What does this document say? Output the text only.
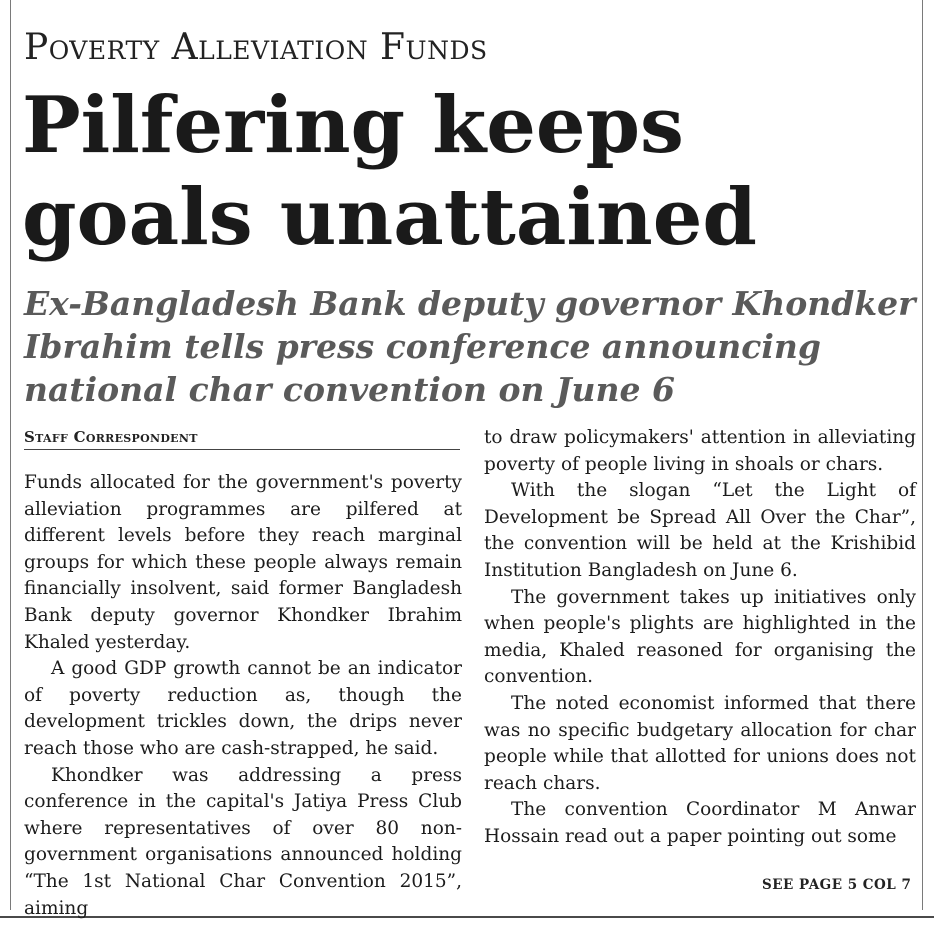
Poverty Alleviation Funds
Pilfering keeps goals unattained
Ex-Bangladesh Bank deputy governor Khondker Ibrahim tells press conference announcing national char convention on June 6
Staff Correspondent

Funds allocated for the government's poverty alleviation programmes are pilfered at different levels before they reach marginal groups for which these people always remain financially insolvent, said former Bangladesh Bank deputy governor Khondker Ibrahim Khaled yesterday.

A good GDP growth cannot be an indicator of poverty reduction as, though the development trickles down, the drips never reach those who are cash-strapped, he said.

Khondker was addressing a press conference in the capital's Jatiya Press Club where representatives of over 80 non-government organisations announced holding “The 1st National Char Convention 2015”, aiming

to draw policymakers' attention in alleviating poverty of people living in shoals or chars.

With the slogan “Let the Light of Development be Spread All Over the Char”, the convention will be held at the Krishibid Institution Bangladesh on June 6.

The government takes up initiatives only when people's plights are highlighted in the media, Khaled reasoned for organising the convention.

The noted economist informed that there was no specific budgetary allocation for char people while that allotted for unions does not reach chars.

The convention Coordinator M Anwar Hossain read out a paper pointing out some

SEE PAGE 5 COL 7
